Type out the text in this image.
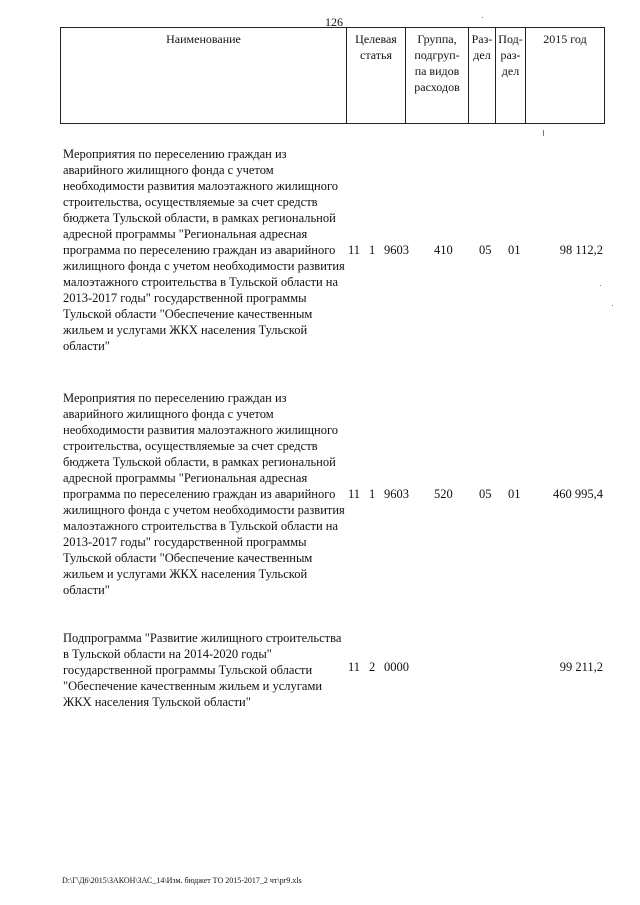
126
Наименование	Целевая статья	Группа, подгруп- па видов расходов	Раз- дел	Под- раз- дел	2015 год
Мероприятия по переселению граждан из аварийного жилищного фонда с учетом необходимости развития малоэтажного жилищного строительства, осуществляемые за счет средств бюджета Тульской области, в рамках региональной адресной программы "Региональная адресная программа по переселению граждан из аварийного жилищного фонда с учетом необходимости развития малоэтажного строительства в Тульской области на 2013-2017 годы" государственной программы Тульской области "Обеспечение качественным жильем и услугами ЖКХ населения Тульской области"
11 1 9603 410 05 01	98 112,2
Мероприятия по переселению граждан из аварийного жилищного фонда с учетом необходимости развития малоэтажного жилищного строительства, осуществляемые за счет средств бюджета Тульской области, в рамках региональной адресной программы "Региональная адресная программа по переселению граждан из аварийного жилищного фонда с учетом необходимости развития малоэтажного строительства в Тульской области на 2013-2017 годы" государственной программы Тульской области "Обеспечение качественным жильем и услугами ЖКХ населения Тульской области"
11 1 9603 520 05 01	460 995,4
Подпрограмма "Развитие жилищного строительства в Тульской области на 2014-2020 годы" государственной программы Тульской области "Обеспечение качественным жильем и услугами ЖКХ населения Тульской области"
11 2 0000	99 211,2
D:\Г\Д6\2015\ЗАКОН\ЗАС_14\Изм. бюджет ТО 2015-2017_2 чт\pr9.xls
